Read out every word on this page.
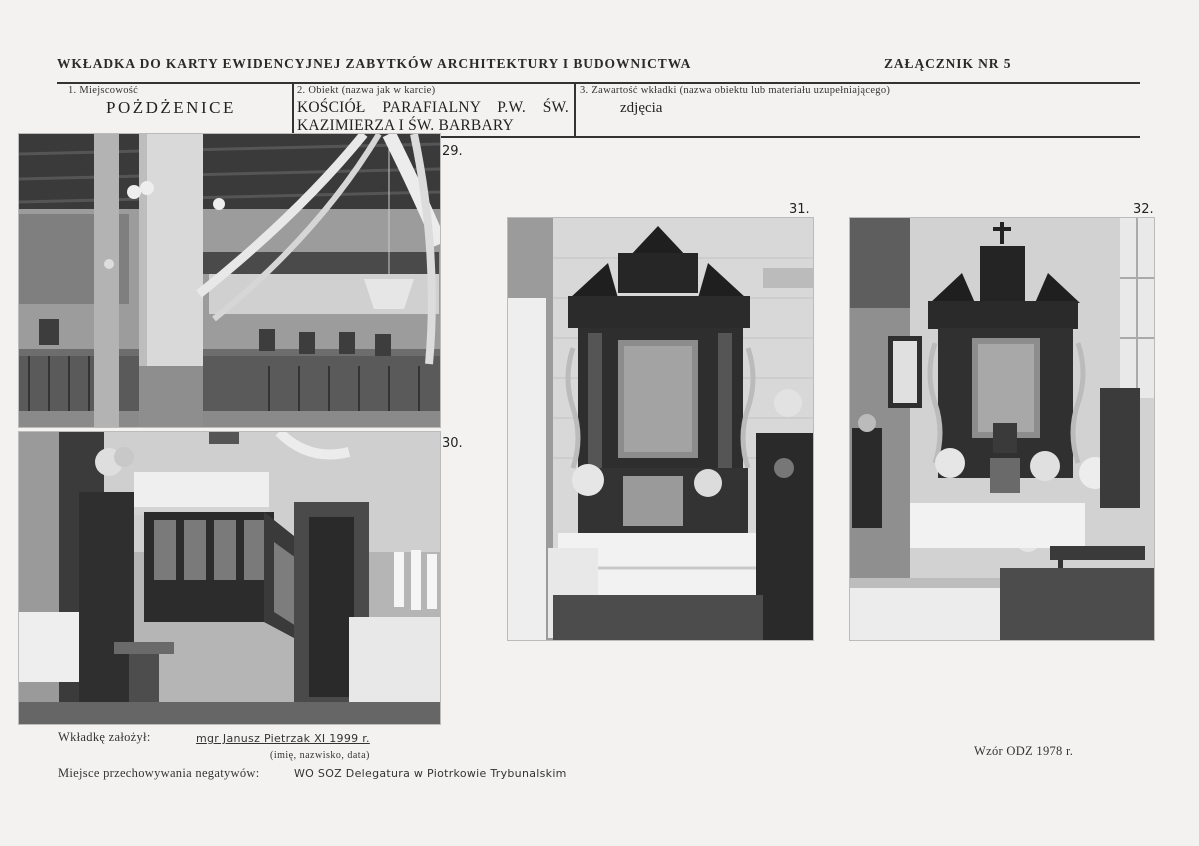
WKŁADKA DO KARTY EWIDENCYJNEJ ZABYTKÓW ARCHITEKTURY I BUDOWNICTWA	ZAŁĄCZNIK NR 5
1. Miejscowość
POŻDŻENICE
2. Obiekt (nazwa jak w karcie)
KOŚCIÓŁ PARAFIALNY P.W. ŚW. KAZIMIERZA I ŚW. BARBARY
3. Zawartość wkładki (nazwa obiektu lub materiału uzupełniającego)
zdjęcia
29.
30.
31.	32.
Wkładkę założył:	mgr Janusz Pietrzak XI 1999 r.
(imię, nazwisko, data)
Miejsce przechowywania negatywów:	WO SOZ Delegatura w Piotrkowie Trybunalskim
Wzór ODZ 1978 r.
